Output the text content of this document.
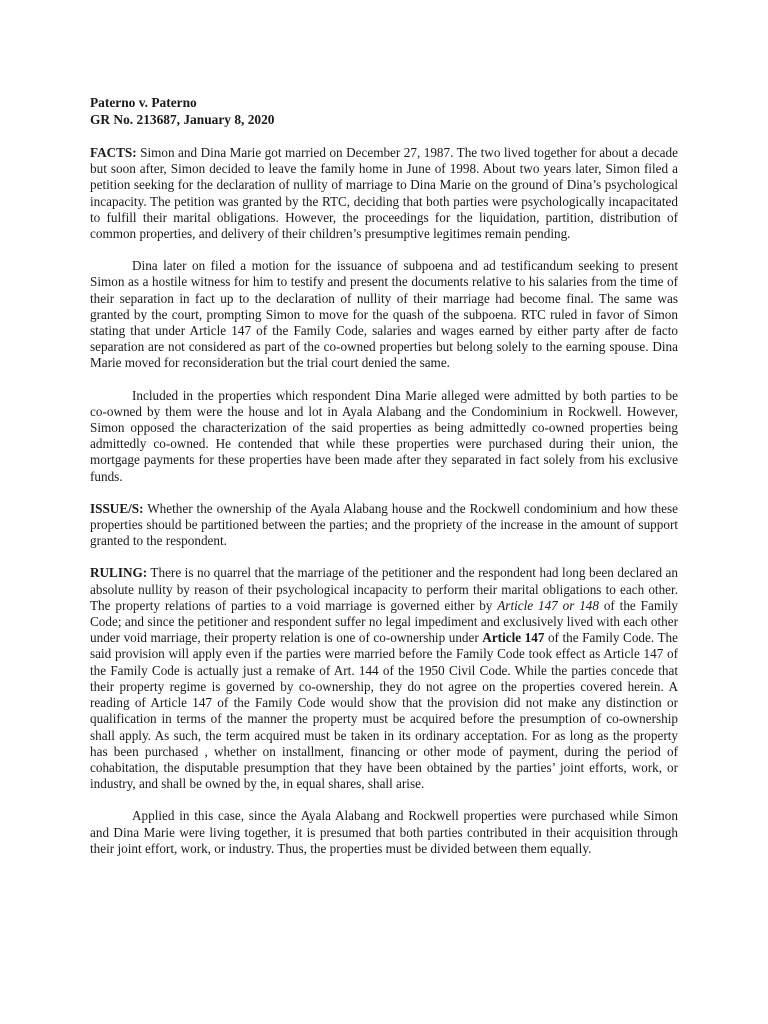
Paterno v. Paterno

GR No. 213687, January 8, 2020

FACTS: Simon and Dina Marie got married on December 27, 1987. The two lived together for about a decade but soon after, Simon decided to leave the family home in June of 1998. About two years later, Simon filed a petition seeking for the declaration of nullity of marriage to Dina Marie on the ground of Dina’s psychological incapacity. The petition was granted by the RTC, deciding that both parties were psychologically incapacitated to fulfill their marital obligations. However, the proceedings for the liquidation, partition, distribution of common properties, and delivery of their children’s presumptive legitimes remain pending.

Dina later on filed a motion for the issuance of subpoena and ad testificandum seeking to present Simon as a hostile witness for him to testify and present the documents relative to his salaries from the time of their separation in fact up to the declaration of nullity of their marriage had become final. The same was granted by the court, prompting Simon to move for the quash of the subpoena. RTC ruled in favor of Simon stating that under Article 147 of the Family Code, salaries and wages earned by either party after de facto separation are not considered as part of the co-owned properties but belong solely to the earning spouse. Dina Marie moved for reconsideration but the trial court denied the same.

Included in the properties which respondent Dina Marie alleged were admitted by both parties to be co-owned by them were the house and lot in Ayala Alabang and the Condominium in Rockwell. However, Simon opposed the characterization of the said properties as being admittedly co-owned properties being admittedly co-owned. He contended that while these properties were purchased during their union, the mortgage payments for these properties have been made after they separated in fact solely from his exclusive funds.

ISSUE/S: Whether the ownership of the Ayala Alabang house and the Rockwell condominium and how these properties should be partitioned between the parties; and the propriety of the increase in the amount of support granted to the respondent.

RULING: There is no quarrel that the marriage of the petitioner and the respondent had long been declared an absolute nullity by reason of their psychological incapacity to perform their marital obligations to each other. The property relations of parties to a void marriage is governed either by Article 147 or 148 of the Family Code; and since the petitioner and respondent suffer no legal impediment and exclusively lived with each other under void marriage, their property relation is one of co-ownership under Article 147 of the Family Code. The said provision will apply even if the parties were married before the Family Code took effect as Article 147 of the Family Code is actually just a remake of Art. 144 of the 1950 Civil Code. While the parties concede that their property regime is governed by co-ownership, they do not agree on the properties covered herein. A reading of Article 147 of the Family Code would show that the provision did not make any distinction or qualification in terms of the manner the property must be acquired before the presumption of co-ownership shall apply. As such, the term acquired must be taken in its ordinary acceptation. For as long as the property has been purchased , whether on installment, financing or other mode of payment, during the period of cohabitation, the disputable presumption that they have been obtained by the parties’ joint efforts, work, or industry, and shall be owned by the, in equal shares, shall arise.

Applied in this case, since the Ayala Alabang and Rockwell properties were purchased while Simon and Dina Marie were living together, it is presumed that both parties contributed in their acquisition through their joint effort, work, or industry. Thus, the properties must be divided between them equally.
